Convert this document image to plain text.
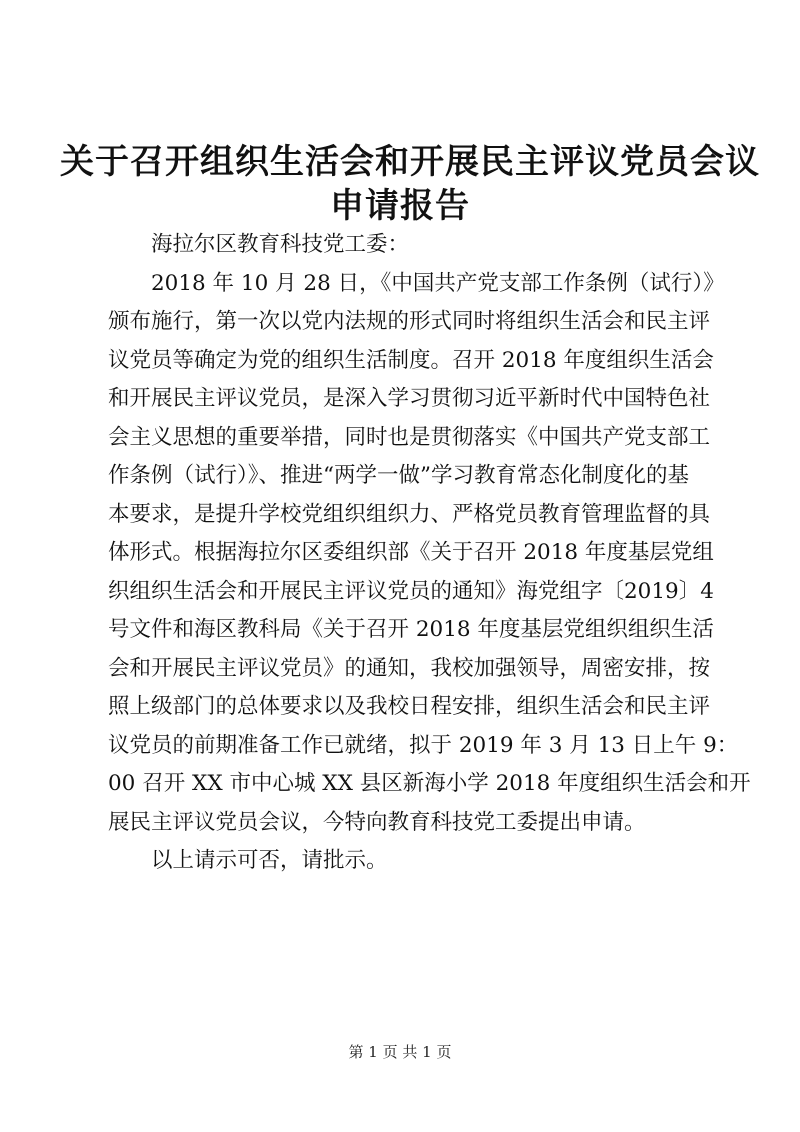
关于召开组织生活会和开展民主评议党员会议
申请报告

海拉尔区教育科技党工委：

2018 年 10 月 28 日，《中国共产党支部工作条例（试行）》
颁布施行，第一次以党内法规的形式同时将组织生活会和民主评
议党员等确定为党的组织生活制度。召开 2018 年度组织生活会
和开展民主评议党员，是深入学习贯彻习近平新时代中国特色社
会主义思想的重要举措，同时也是贯彻落实《中国共产党支部工
作条例（试行）》、推进“两学一做”学习教育常态化制度化的基
本要求，是提升学校党组织组织力、严格党员教育管理监督的具
体形式。根据海拉尔区委组织部《关于召开 2018 年度基层党组
织组织生活会和开展民主评议党员的通知》海党组字〔2019〕4
号文件和海区教科局《关于召开 2018 年度基层党组织组织生活
会和开展民主评议党员》的通知，我校加强领导，周密安排，按
照上级部门的总体要求以及我校日程安排，组织生活会和民主评
议党员的前期准备工作已就绪，拟于 2019 年 3 月 13 日上午 9：
00 召开 XX 市中心城 XX 县区新海小学 2018 年度组织生活会和开
展民主评议党员会议，今特向教育科技党工委提出申请。

以上请示可否，请批示。

第 1 页 共 1 页
